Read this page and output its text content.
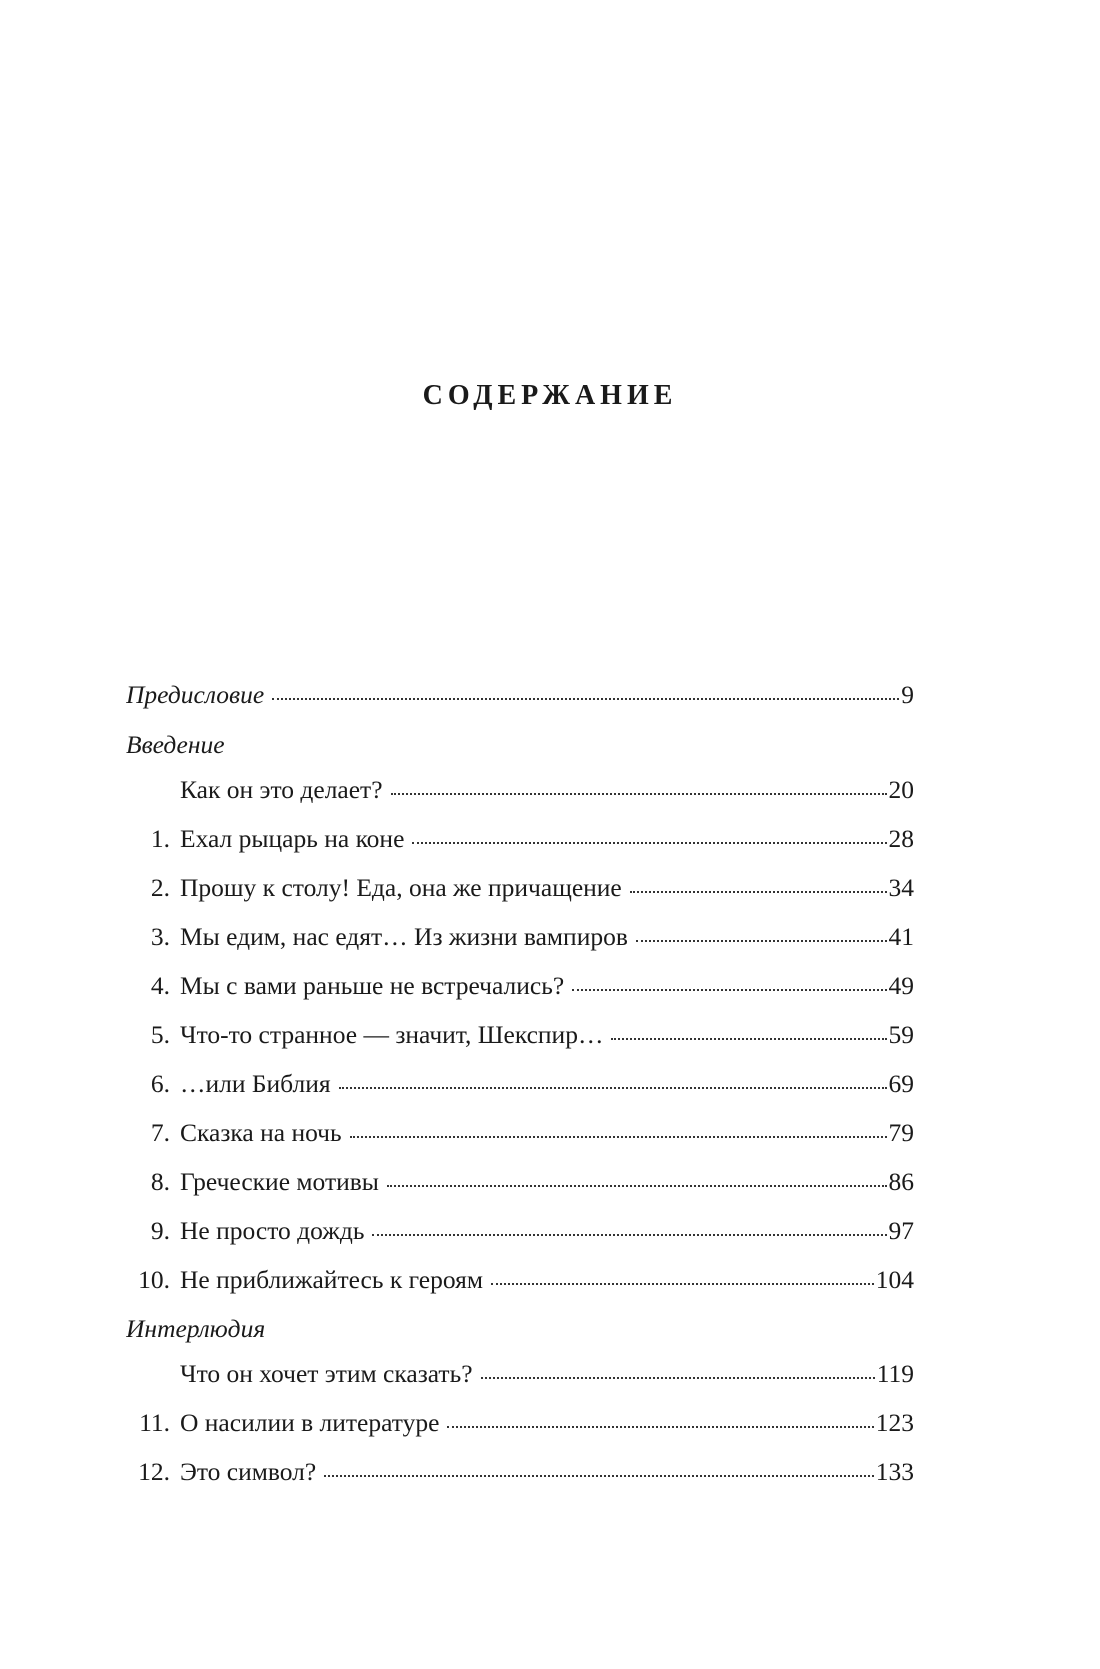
СОДЕРЖАНИЕ
Предисловие	9
Введение
Как он это делает?	20
1. Ехал рыцарь на коне	28
2. Прошу к столу! Еда, она же причащение	34
3. Мы едим, нас едят… Из жизни вампиров	41
4. Мы с вами раньше не встречались?	49
5. Что-то странное — значит, Шекспир…	59
6. …или Библия	69
7. Сказка на ночь	79
8. Греческие мотивы	86
9. Не просто дождь	97
10. Не приближайтесь к героям	104
Интерлюдия
Что он хочет этим сказать?	119
11. О насилии в литературе	123
12. Это символ?	133
